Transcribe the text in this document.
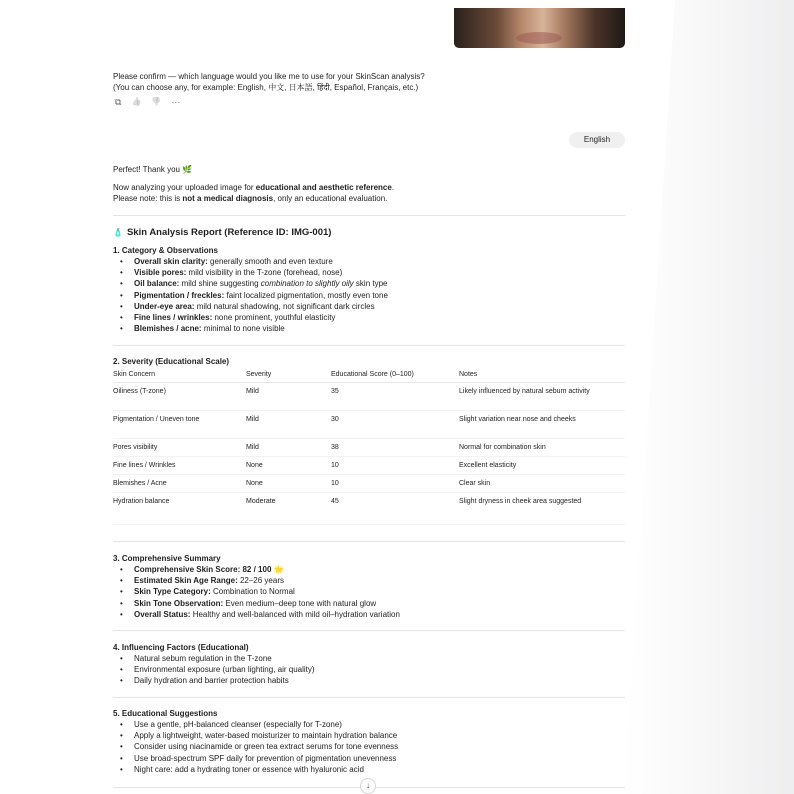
Please confirm — which language would you like me to use for your SkinScan analysis?
(You can choose any, for example: English, 中文, 日本語, हिंदी, Español, Français, etc.)
⧉ 👍 👎 ···
English
Perfect! Thank you 🌿
Now analyzing your uploaded image for educational and aesthetic reference.
Please note: this is not a medical diagnosis, only an educational evaluation.
🧴 Skin Analysis Report (Reference ID: IMG-001)
1. Category & Observations
• Overall skin clarity: generally smooth and even texture
• Visible pores: mild visibility in the T-zone (forehead, nose)
• Oil balance: mild shine suggesting combination to slightly oily skin type
• Pigmentation / freckles: faint localized pigmentation, mostly even tone
• Under-eye area: mild natural shadowing, not significant dark circles
• Fine lines / wrinkles: none prominent, youthful elasticity
• Blemishes / acne: minimal to none visible
2. Severity (Educational Scale)
Skin Concern	Severity	Educational Score (0–100)	Notes
Oiliness (T-zone)	Mild	35	Likely influenced by natural sebum activity
Pigmentation / Uneven tone	Mild	30	Slight variation near nose and cheeks
Pores visibility	Mild	38	Normal for combination skin
Fine lines / Wrinkles	None	10	Excellent elasticity
Blemishes / Acne	None	10	Clear skin
Hydration balance	Moderate	45	Slight dryness in cheek area suggested
3. Comprehensive Summary
• Comprehensive Skin Score: 82 / 100 🌟
• Estimated Skin Age Range: 22–26 years
• Skin Type Category: Combination to Normal
• Skin Tone Observation: Even medium–deep tone with natural glow
• Overall Status: Healthy and well-balanced with mild oil–hydration variation
4. Influencing Factors (Educational)
• Natural sebum regulation in the T-zone
• Environmental exposure (urban lighting, air quality)
• Daily hydration and barrier protection habits
5. Educational Suggestions
• Use a gentle, pH-balanced cleanser (especially for T-zone)
• Apply a lightweight, water-based moisturizer to maintain hydration balance
• Consider using niacinamide or green tea extract serums for tone evenness
• Use broad-spectrum SPF daily for prevention of pigmentation unevenness
• Night care: add a hydrating toner or essence with hyaluronic acid
↓
